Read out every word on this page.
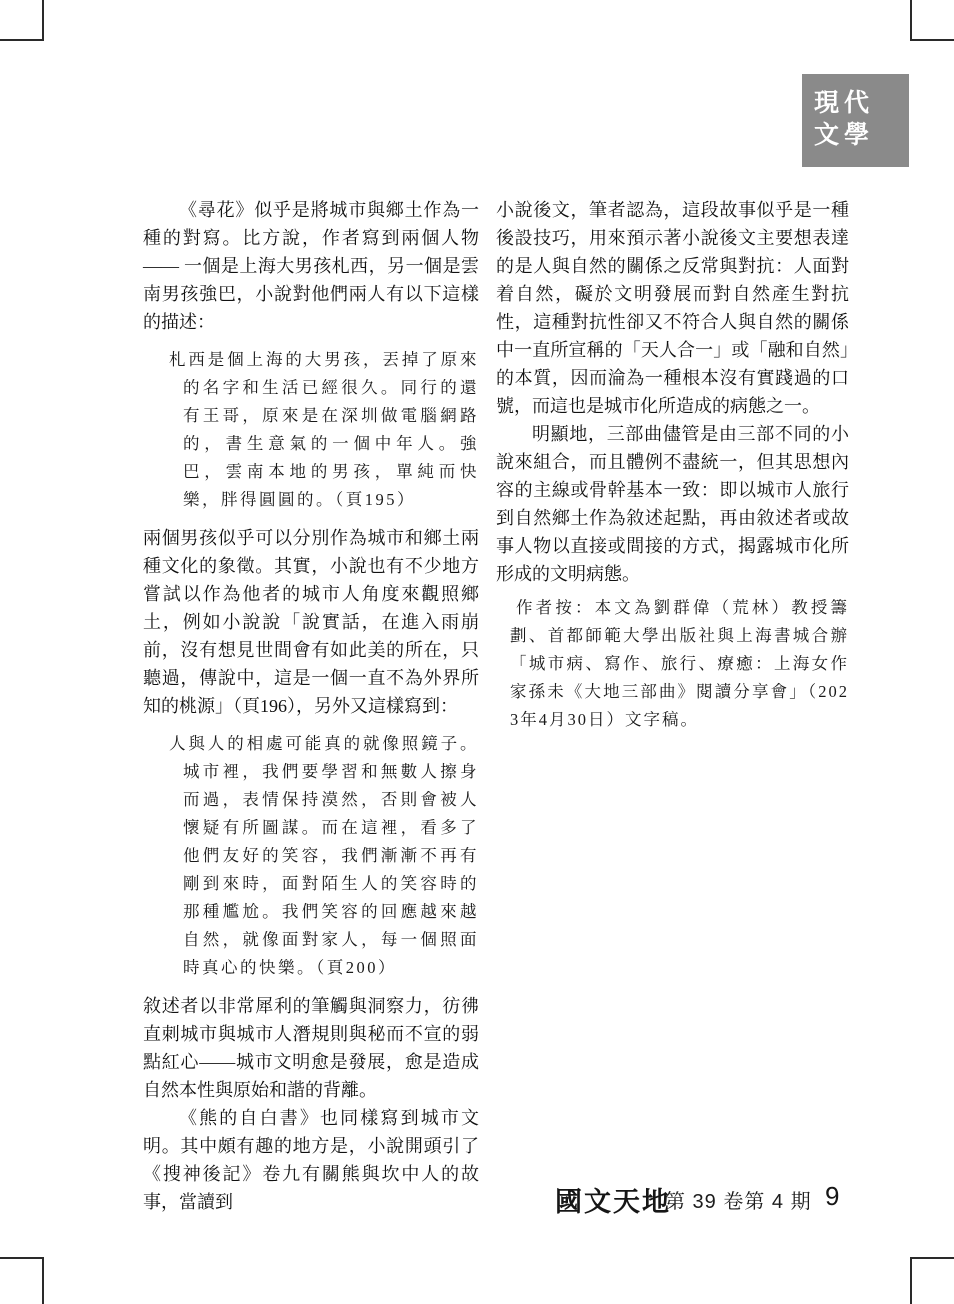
現代
文學

《尋花》似乎是將城市與鄉土作為一種的對寫。比方說，作者寫到兩個人物—— 一個是上海大男孩札西，另一個是雲南男孩強巴，小說對他們兩人有以下這樣的描述：

札西是個上海的大男孩，丟掉了原來的名字和生活已經很久。同行的還有王哥，原來是在深圳做電腦網路的，書生意氣的一個中年人。強巴，雲南本地的男孩，單純而快樂，胖得圓圓的。（頁195）

兩個男孩似乎可以分別作為城市和鄉土兩種文化的象徵。其實，小說也有不少地方嘗試以作為他者的城市人角度來觀照鄉土，例如小說說「說實話，在進入雨崩前，沒有想見世間會有如此美的所在，只聽過，傳說中，這是一個一直不為外界所知的桃源」（頁196），另外又這樣寫到：

人與人的相處可能真的就像照鏡子。城市裡，我們要學習和無數人擦身而過，表情保持漠然，否則會被人懷疑有所圖謀。而在這裡，看多了他們友好的笑容，我們漸漸不再有剛到來時，面對陌生人的笑容時的那種尷尬。我們笑容的回應越來越自然，就像面對家人，每一個照面時真心的快樂。（頁200）

敘述者以非常犀利的筆觸與洞察力，彷彿直刺城市與城市人潛規則與秘而不宣的弱點紅心——城市文明愈是發展，愈是造成自然本性與原始和諧的背離。

《熊的自白書》也同樣寫到城市文明。其中頗有趣的地方是，小說開頭引了《搜神後記》卷九有關熊與坎中人的故事，當讀到

小說後文，筆者認為，這段故事似乎是一種後設技巧，用來預示著小說後文主要想表達的是人與自然的關係之反常與對抗：人面對着自然，礙於文明發展而對自然產生對抗性，這種對抗性卻又不符合人與自然的關係中一直所宣稱的「天人合一」或「融和自然」的本質，因而淪為一種根本沒有實踐過的口號，而這也是城市化所造成的病態之一。

明顯地，三部曲儘管是由三部不同的小說來組合，而且體例不盡統一，但其思想內容的主線或骨幹基本一致：即以城市人旅行到自然鄉土作為敘述起點，再由敘述者或故事人物以直接或間接的方式，揭露城市化所形成的文明病態。

作者按：本文為劉群偉（荒林）教授籌劃、首都師範大學出版社與上海書城合辦「城市病、寫作、旅行、療癒：上海女作家孫未《大地三部曲》閱讀分享會」（2023年4月30日）文字稿。

國文天地
第 39 卷第 4 期 9
